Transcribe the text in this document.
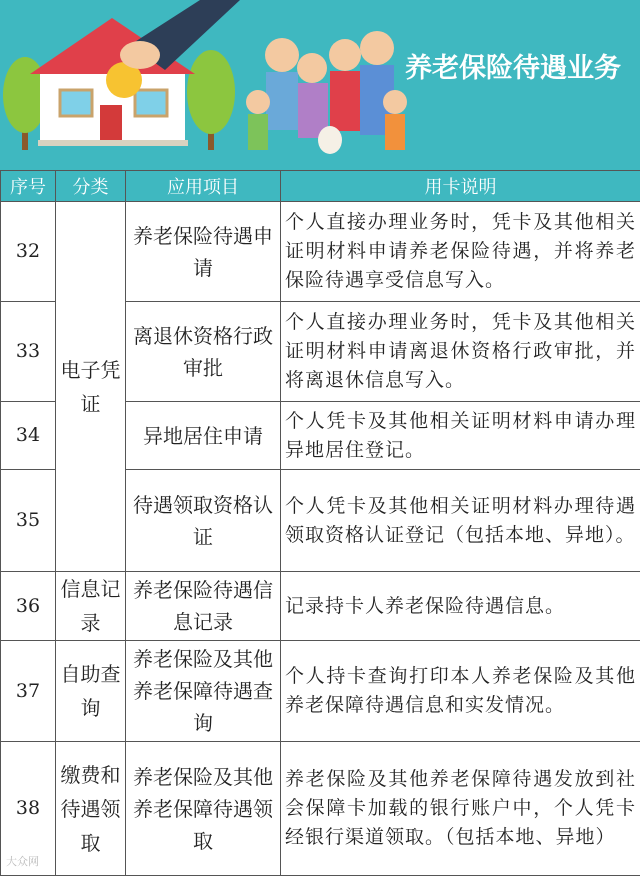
养老保险待遇业务
序号	分类	应用项目	用卡说明
32	电子凭证	养老保险待遇申请	个人直接办理业务时，凭卡及其他相关证明材料申请养老保险待遇，并将养老保险待遇享受信息写入。
33		离退休资格行政审批	个人直接办理业务时，凭卡及其他相关证明材料申请离退休资格行政审批，并将离退休信息写入。
34		异地居住申请	个人凭卡及其他相关证明材料申请办理异地居住登记。
35		待遇领取资格认证	个人凭卡及其他相关证明材料办理待遇领取资格认证登记（包括本地、异地）。
36	信息记录	养老保险待遇信息记录	记录持卡人养老保险待遇信息。
37	自助查询	养老保险及其他养老保障待遇查询	个人持卡查询打印本人养老保险及其他养老保障待遇信息和实发情况。
38	缴费和待遇领取	养老保险及其他养老保障待遇领取	养老保险及其他养老保障待遇发放到社会保障卡加载的银行账户中，个人凭卡经银行渠道领取。（包括本地、异地）
大众网
